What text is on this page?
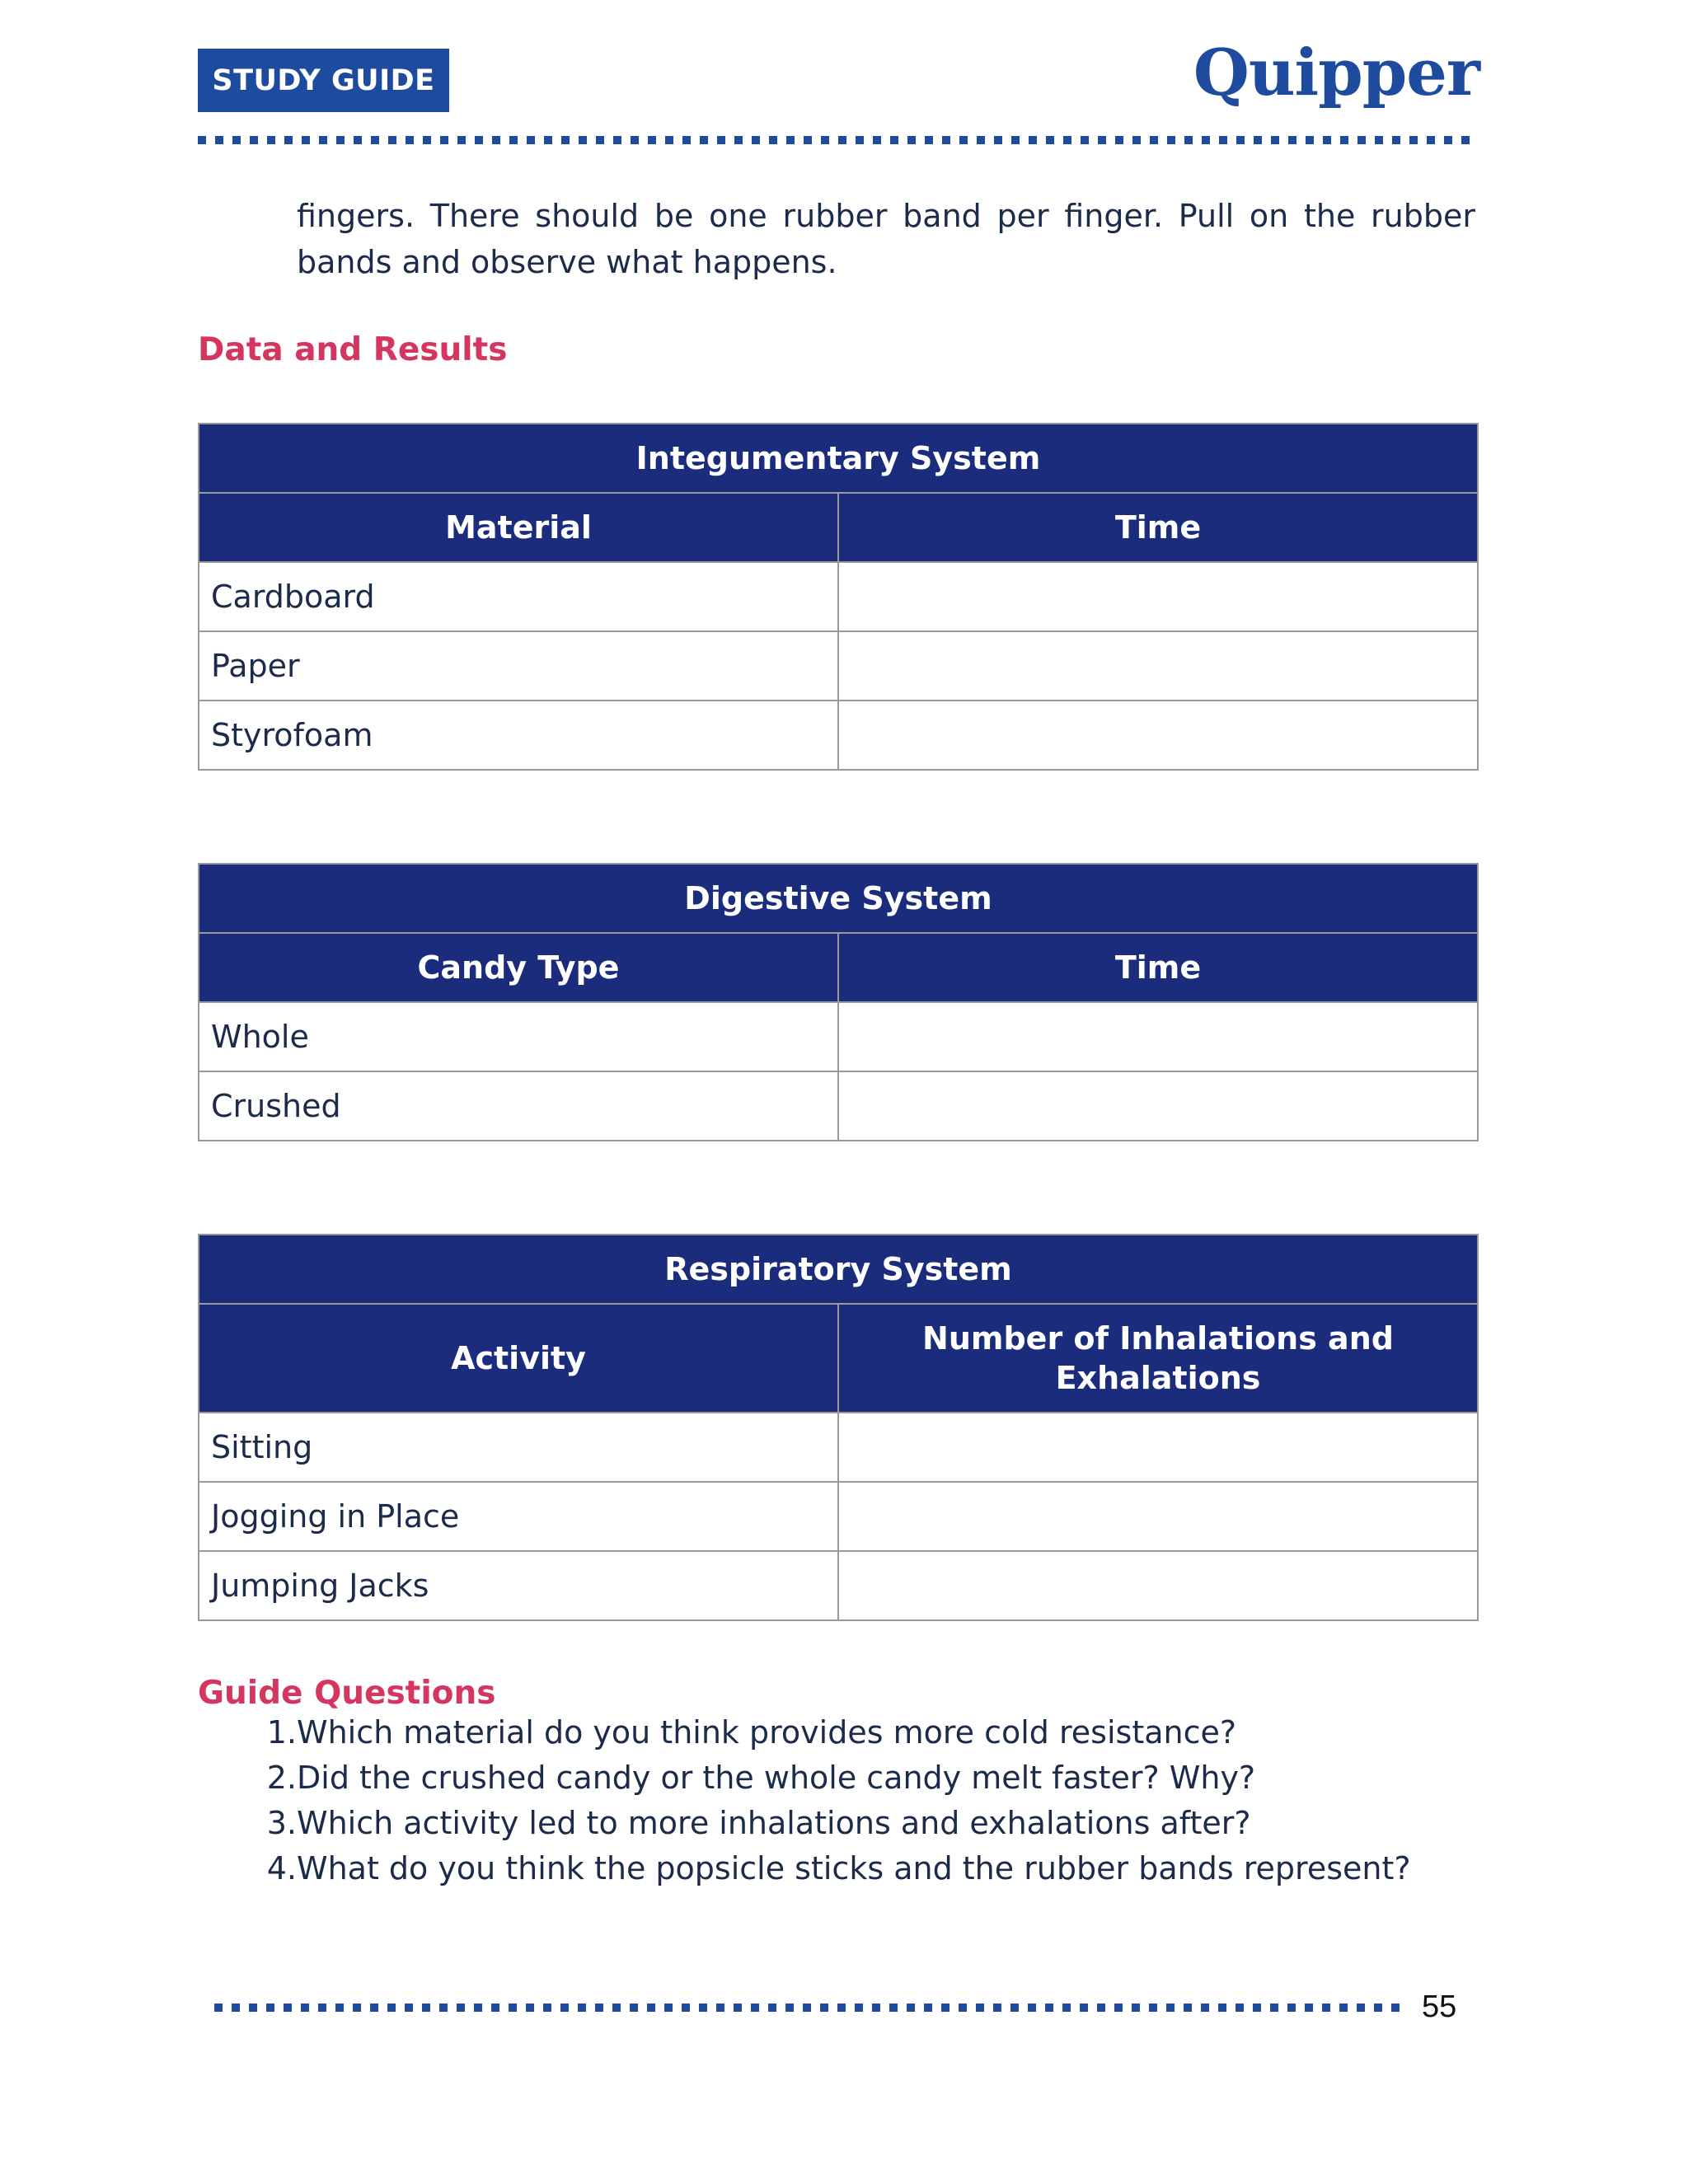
STUDY GUIDE	Quipper

fingers. There should be one rubber band per finger. Pull on the rubber bands and observe what happens.

Data and Results
Integumentary System	
Material	Time
Cardboard	
Paper	
Styrofoam	
Digestive System	
Candy Type	Time
Whole	
Crushed	
Respiratory System	
Activity	Number of Inhalations and Exhalations
Sitting	
Jogging in Place	
Jumping Jacks	
Guide Questions
1. Which material do you think provides more cold resistance?
2. Did the crushed candy or the whole candy melt faster? Why?
3. Which activity led to more inhalations and exhalations after?
4. What do you think the popsicle sticks and the rubber bands represent?
55
